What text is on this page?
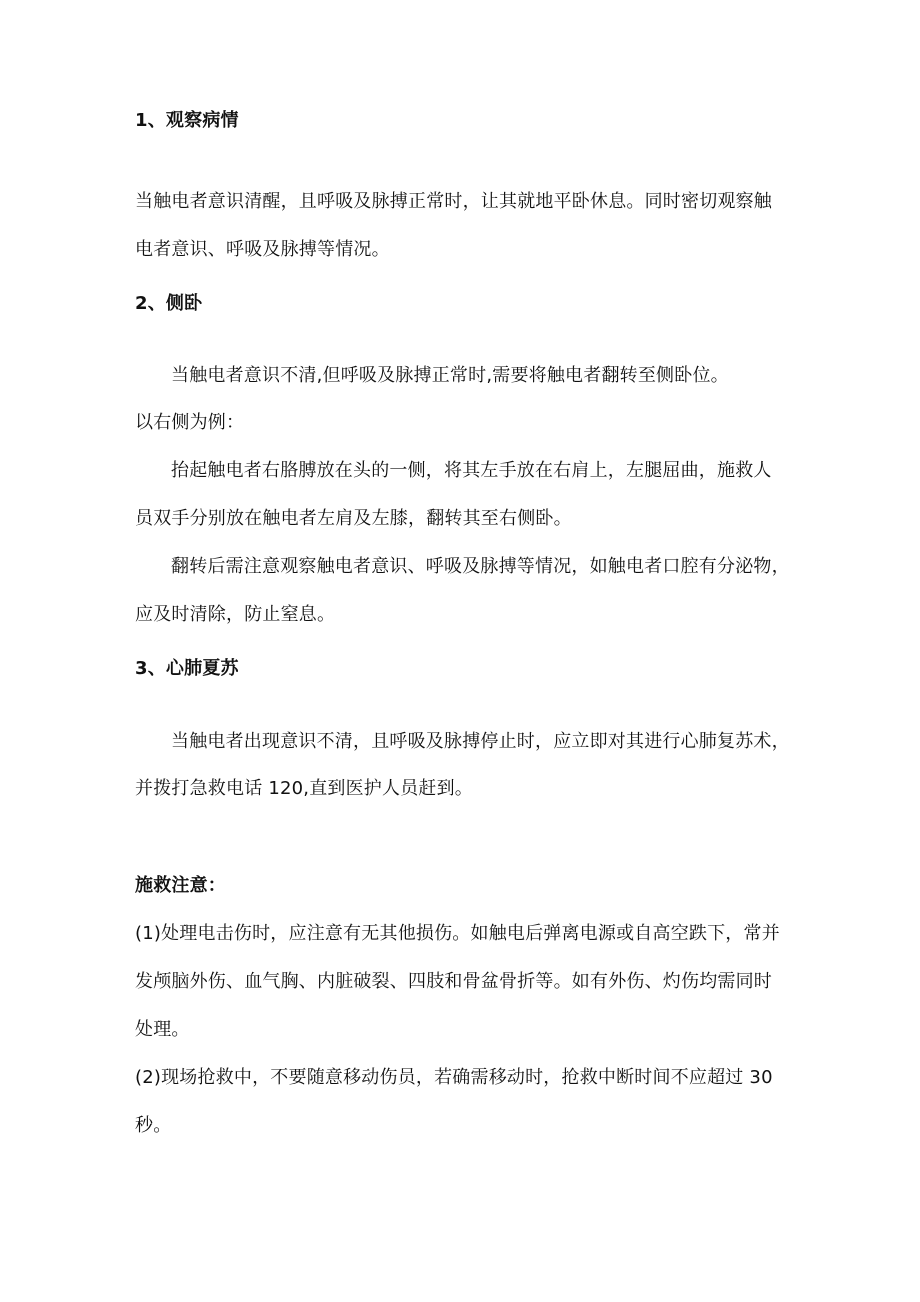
1、观察病情
当触电者意识清醒，且呼吸及脉搏正常时，让其就地平卧休息。同时密切观察触
电者意识、呼吸及脉搏等情况。
2、侧卧
当触电者意识不清,但呼吸及脉搏正常时,需要将触电者翻转至侧卧位。
以右侧为例：
抬起触电者右胳膊放在头的一侧，将其左手放在右肩上，左腿屈曲，施救人
员双手分别放在触电者左肩及左膝，翻转其至右侧卧。
翻转后需注意观察触电者意识、呼吸及脉搏等情况，如触电者口腔有分泌物，
应及时清除，防止窒息。
3、心肺夏苏
当触电者出现意识不清，且呼吸及脉搏停止时，应立即对其进行心肺复苏术，
并拨打急救电话 120,直到医护人员赶到。
施救注意：
(1)处理电击伤时，应注意有无其他损伤。如触电后弹离电源或自高空跌下，常并
发颅脑外伤、血气胸、内脏破裂、四肢和骨盆骨折等。如有外伤、灼伤均需同时
处理。
(2)现场抢救中，不要随意移动伤员，若确需移动时，抢救中断时间不应超过 30
秒。
